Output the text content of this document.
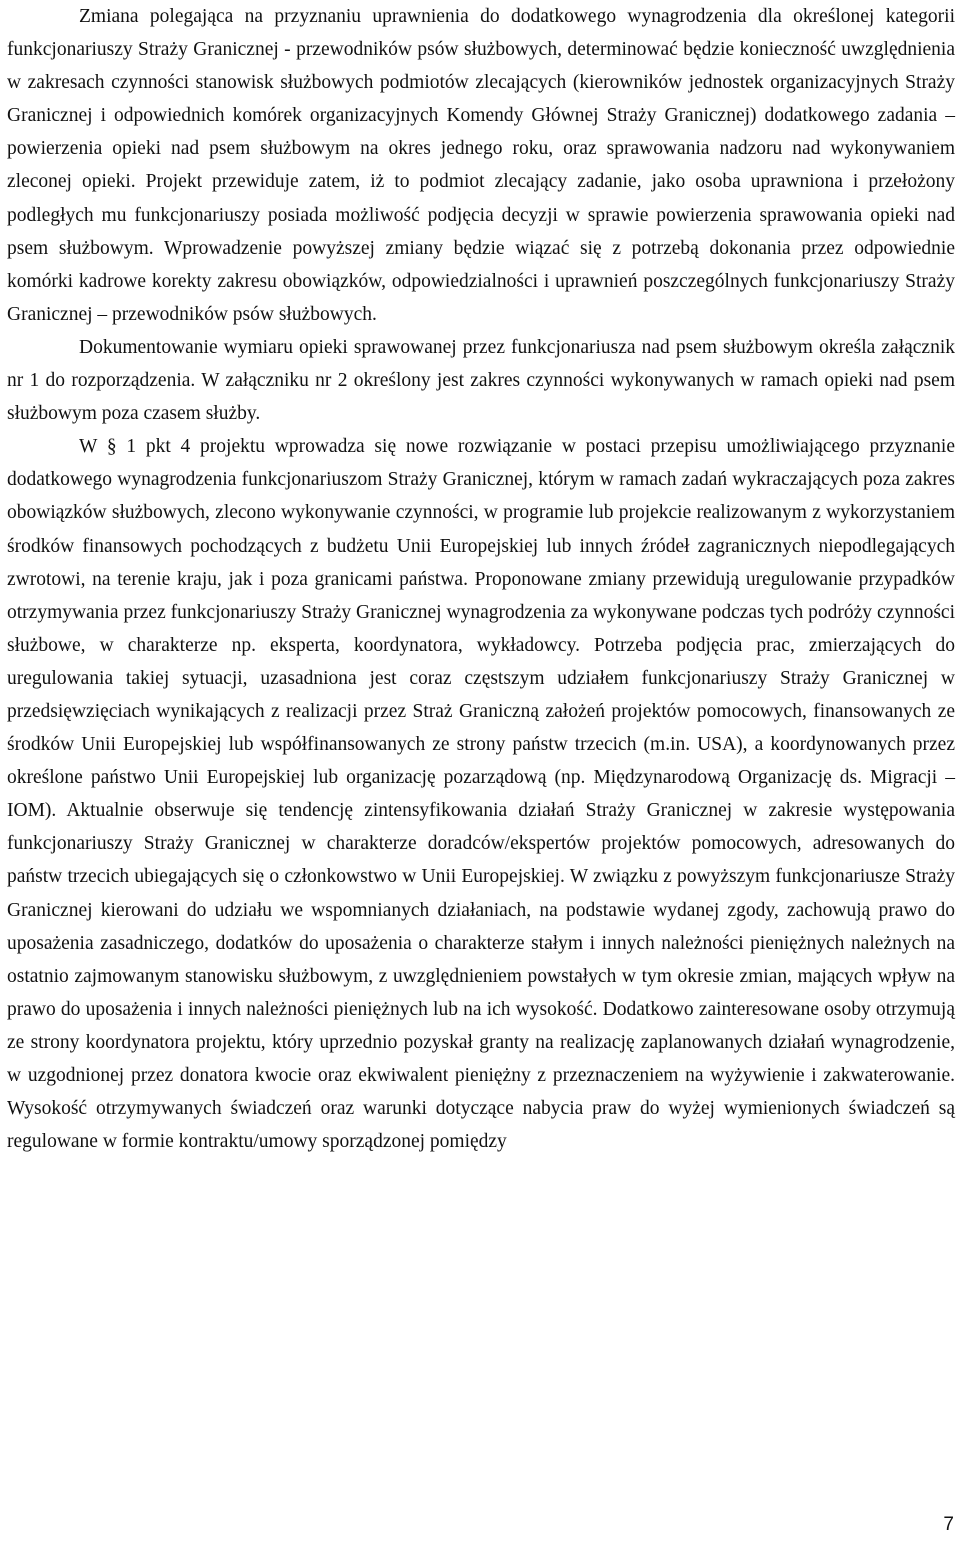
Zmiana polegająca na przyznaniu uprawnienia do dodatkowego wynagrodzenia dla określonej kategorii funkcjonariuszy Straży Granicznej - przewodników psów służbowych, determinować będzie konieczność uwzględnienia w zakresach czynności stanowisk służbowych podmiotów zlecających (kierowników jednostek organizacyjnych Straży Granicznej i odpowiednich komórek organizacyjnych Komendy Głównej Straży Granicznej) dodatkowego zadania – powierzenia opieki nad psem służbowym na okres jednego roku, oraz sprawowania nadzoru nad wykonywaniem zleconej opieki. Projekt przewiduje zatem, iż to podmiot zlecający zadanie, jako osoba uprawniona i przełożony podległych mu funkcjonariuszy posiada możliwość podjęcia decyzji w sprawie powierzenia sprawowania opieki nad psem służbowym. Wprowadzenie powyższej zmiany będzie wiązać się z potrzebą dokonania przez odpowiednie komórki kadrowe korekty zakresu obowiązków, odpowiedzialności i uprawnień poszczególnych funkcjonariuszy Straży Granicznej – przewodników psów służbowych.

Dokumentowanie wymiaru opieki sprawowanej przez funkcjonariusza nad psem służbowym określa załącznik nr 1 do rozporządzenia. W załączniku nr 2 określony jest zakres czynności wykonywanych w ramach opieki nad psem służbowym poza czasem służby.

W § 1 pkt 4 projektu wprowadza się nowe rozwiązanie w postaci przepisu umożliwiającego przyznanie dodatkowego wynagrodzenia funkcjonariuszom Straży Granicznej, którym w ramach zadań wykraczających poza zakres obowiązków służbowych, zlecono wykonywanie czynności, w programie lub projekcie realizowanym z wykorzystaniem środków finansowych pochodzących z budżetu Unii Europejskiej lub innych źródeł zagranicznych niepodlegających zwrotowi, na terenie kraju, jak i poza granicami państwa. Proponowane zmiany przewidują uregulowanie przypadków otrzymywania przez funkcjonariuszy Straży Granicznej wynagrodzenia za wykonywane podczas tych podróży czynności służbowe, w charakterze np. eksperta, koordynatora, wykładowcy. Potrzeba podjęcia prac, zmierzających do uregulowania takiej sytuacji, uzasadniona jest coraz częstszym udziałem funkcjonariuszy Straży Granicznej w przedsięwzięciach wynikających z realizacji przez Straż Graniczną założeń projektów pomocowych, finansowanych ze środków Unii Europejskiej lub współfinansowanych ze strony państw trzecich (m.in. USA), a koordynowanych przez określone państwo Unii Europejskiej lub organizację pozarządową (np. Międzynarodową Organizację ds. Migracji – IOM). Aktualnie obserwuje się tendencję zintensyfikowania działań Straży Granicznej w zakresie występowania funkcjonariuszy Straży Granicznej w charakterze doradców/ekspertów projektów pomocowych, adresowanych do państw trzecich ubiegających się o członkowstwo w Unii Europejskiej. W związku z powyższym funkcjonariusze Straży Granicznej kierowani do udziału we wspomnianych działaniach, na podstawie wydanej zgody, zachowują prawo do uposażenia zasadniczego, dodatków do uposażenia o charakterze stałym i innych należności pieniężnych należnych na ostatnio zajmowanym stanowisku służbowym, z uwzględnieniem powstałych w tym okresie zmian, mających wpływ na prawo do uposażenia i innych należności pieniężnych lub na ich wysokość. Dodatkowo zainteresowane osoby otrzymują ze strony koordynatora projektu, który uprzednio pozyskał granty na realizację zaplanowanych działań wynagrodzenie, w uzgodnionej przez donatora kwocie oraz ekwiwalent pieniężny z przeznaczeniem na wyżywienie i zakwaterowanie. Wysokość otrzymywanych świadczeń oraz warunki dotyczące nabycia praw do wyżej wymienionych świadczeń są regulowane w formie kontraktu/umowy sporządzonej pomiędzy

7
